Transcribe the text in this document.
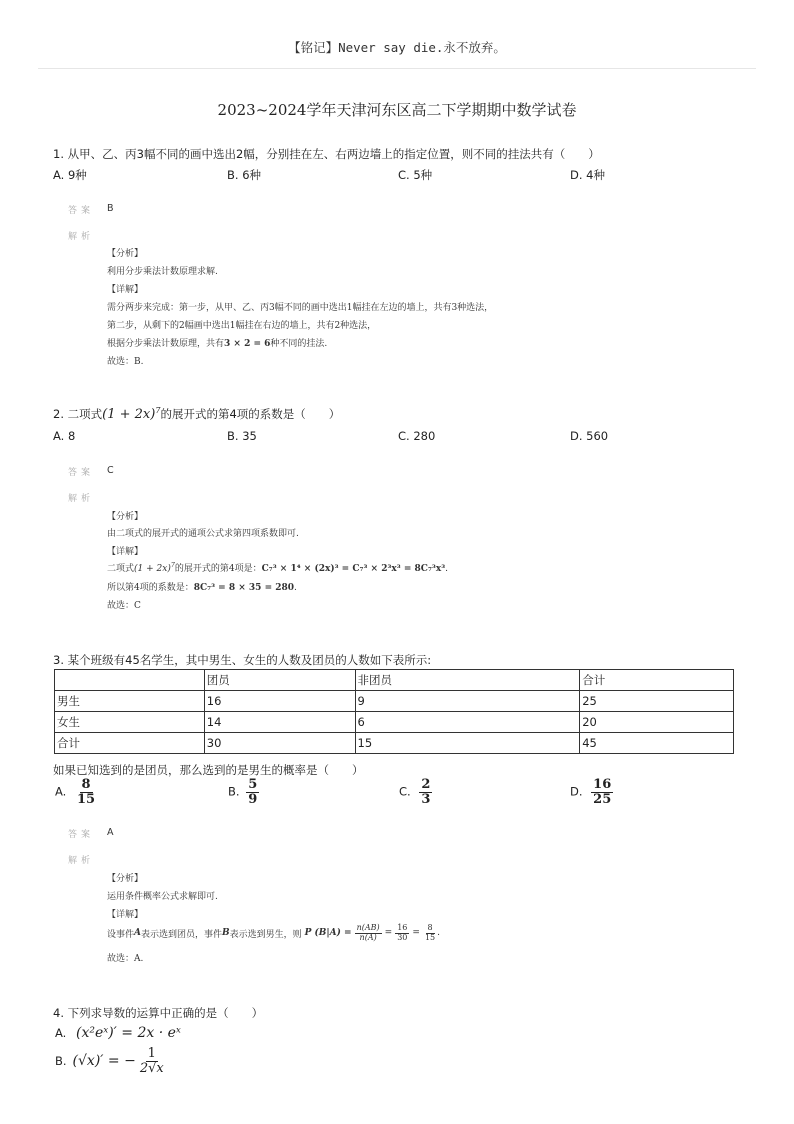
【铭记】Never say die.永不放弃。
2023~2024学年天津河东区高二下学期期中数学试卷
1. 从甲、乙、丙3幅不同的画中选出2幅，分别挂在左、右两边墙上的指定位置，则不同的挂法共有（　　）
A. 9种	B. 6种	C. 5种	D. 4种
答案 B
解析
【分析】
利用分步乘法计数原理求解.
【详解】
需分两步来完成：第一步，从甲、乙、丙3幅不同的画中选出1幅挂在左边的墙上，共有3种选法，
第二步，从剩下的2幅画中选出1幅挂在右边的墙上，共有2种选法，
根据分步乘法计数原理，共有3 × 2 = 6种不同的挂法.
故选：B.
2. 二项式$(1 + 2x)^7$的展开式的第4项的系数是（　　）
A. 8	B. 35	C. 280	D. 560
答案 C
解析
【分析】
由二项式的展开式的通项公式求第四项系数即可.
【详解】
二项式$(1 + 2x)^7$的展开式的第4项是：C₇³ × 1⁴ × (2x)³ = C₇³ × 2³x³ = 8C₇³x³.
所以第4项的系数是：8C₇³ = 8 × 35 = 280.
故选：C
3. 某个班级有45名学生，其中男生、女生的人数及团员的人数如下表所示:
	团员	非团员	合计
男生	16	9	25
女生	14	6	20
合计	30	15	45
如果已知选到的是团员，那么选到的是男生的概率是（　　）
A. $\frac{8}{15}$	B. $\frac{5}{9}$	C. $\frac{2}{3}$	D. $\frac{16}{25}$
答案 A
解析
【分析】
运用条件概率公式求解即可.
【详解】
设事件 A 表示选到团员，事件 B 表示选到男生，则 P $(B|A) = \frac{n(AB)}{n(A)} = \frac{16}{30} = \frac{8}{15}$ .
故选：A.
4. 下列求导数的运算中正确的是（　　）
A. (x²eˣ)′ = 2x · eˣ
B. (√x)′ = − $\frac{1}{2√x}$
